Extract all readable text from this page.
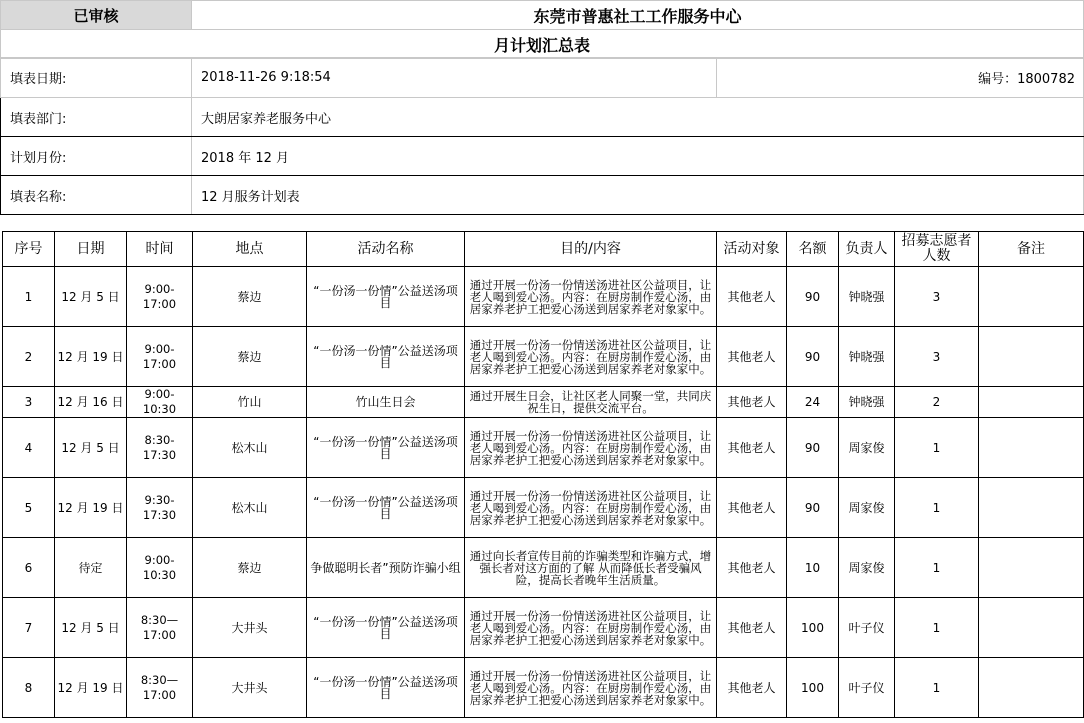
已审核	东莞市普惠社工工作服务中心
月计划汇总表
填表日期:	2018-11-26 9:18:54	编号：1800782
填表部门:	大朗居家养老服务中心	
计划月份:	2018 年 12 月	
填表名称:	12 月服务计划表	
序号	日期	时间	地点	活动名称	目的/内容	活动对象	名额	负责人	招募志愿者人数	备注
1	12 月 5 日	9:00-17:00	蔡边	“一份汤一份情”公益送汤项目	通过开展一份汤一份情送汤进社区公益项目，让老人喝到爱心汤。内容：在厨房制作爱心汤，由居家养老护工把爱心汤送到居家养老对象家中。	其他老人	90	钟晓强	3	
2	12 月 19 日	9:00-17:00	蔡边	“一份汤一份情”公益送汤项目	通过开展一份汤一份情送汤进社区公益项目，让老人喝到爱心汤。内容：在厨房制作爱心汤，由居家养老护工把爱心汤送到居家养老对象家中。	其他老人	90	钟晓强	3	
3	12 月 16 日	9:00-10:30	竹山	竹山生日会	通过开展生日会，让社区老人同聚一堂，共同庆祝生日，提供交流平台。	其他老人	24	钟晓强	2	
4	12 月 5 日	8:30-17:30	松木山	“一份汤一份情”公益送汤项目	通过开展一份汤一份情送汤进社区公益项目，让老人喝到爱心汤。内容：在厨房制作爱心汤，由居家养老护工把爱心汤送到居家养老对象家中。	其他老人	90	周家俊	1	
5	12 月 19 日	9:30-17:30	松木山	“一份汤一份情”公益送汤项目	通过开展一份汤一份情送汤进社区公益项目，让老人喝到爱心汤。内容：在厨房制作爱心汤，由居家养老护工把爱心汤送到居家养老对象家中。	其他老人	90	周家俊	1	
6	待定	9:00-10:30	蔡边	争做聪明长者”预防诈骗小组	通过向长者宣传目前的诈骗类型和诈骗方式，增强长者对这方面的了解 从而降低长者受骗风险，提高长者晚年生活质量。	其他老人	10	周家俊	1	
7	12 月 5 日	8:30—17:00	大井头	“一份汤一份情”公益送汤项目	通过开展一份汤一份情送汤进社区公益项目，让老人喝到爱心汤。内容：在厨房制作爱心汤，由居家养老护工把爱心汤送到居家养老对象家中。	其他老人	100	叶子仪	1	
8	12 月 19 日	8:30—17:00	大井头	“一份汤一份情”公益送汤项目	通过开展一份汤一份情送汤进社区公益项目，让老人喝到爱心汤。内容：在厨房制作爱心汤，由居家养老护工把爱心汤送到居家养老对象家中。	其他老人	100	叶子仪	1	
